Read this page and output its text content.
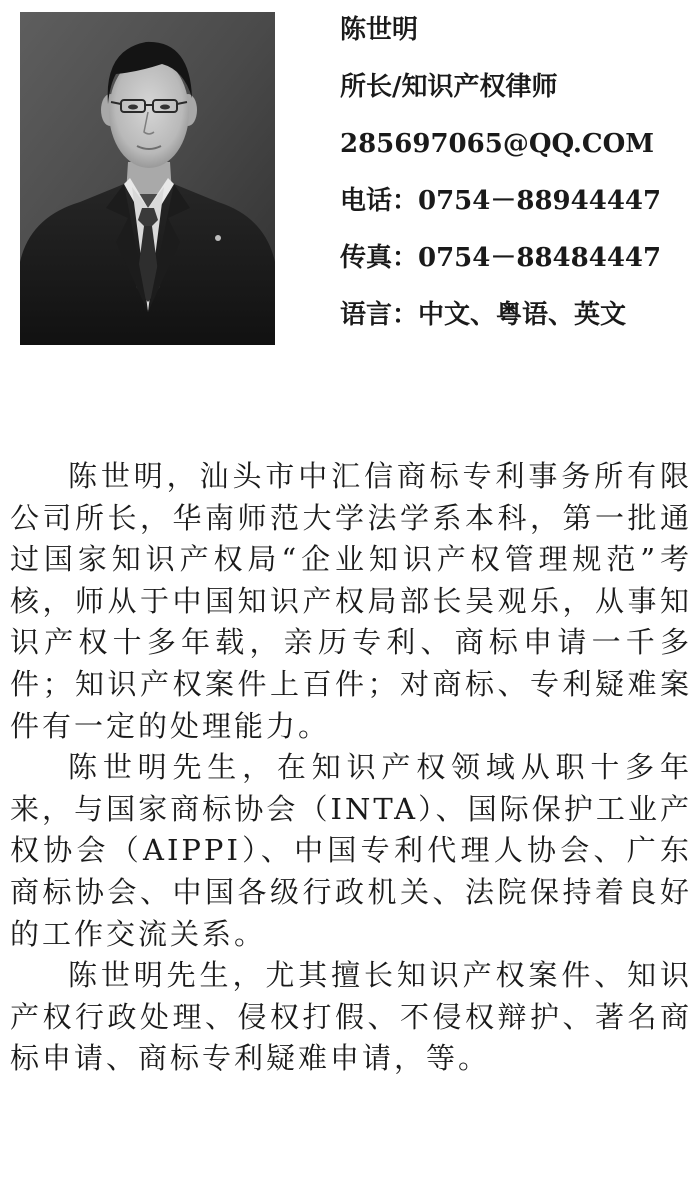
陈世明
所长/知识产权律师
285697065@QQ.COM
电话：0754－88944447
传真：0754－88484447
语言：中文、粤语、英文

陈世明，汕头市中汇信商标专利事务所有限公司所长，华南师范大学法学系本科，第一批通过国家知识产权局“企业知识产权管理规范”考核，师从于中国知识产权局部长吴观乐，从事知识产权十多年载，亲历专利、商标申请一千多件；知识产权案件上百件；对商标、专利疑难案件有一定的处理能力。

陈世明先生，在知识产权领域从职十多年来，与国家商标协会（INTA）、国际保护工业产权协会（AIPPI）、中国专利代理人协会、广东商标协会、中国各级行政机关、法院保持着良好的工作交流关系。

陈世明先生，尤其擅长知识产权案件、知识产权行政处理、侵权打假、不侵权辩护、著名商标申请、商标专利疑难申请，等。
